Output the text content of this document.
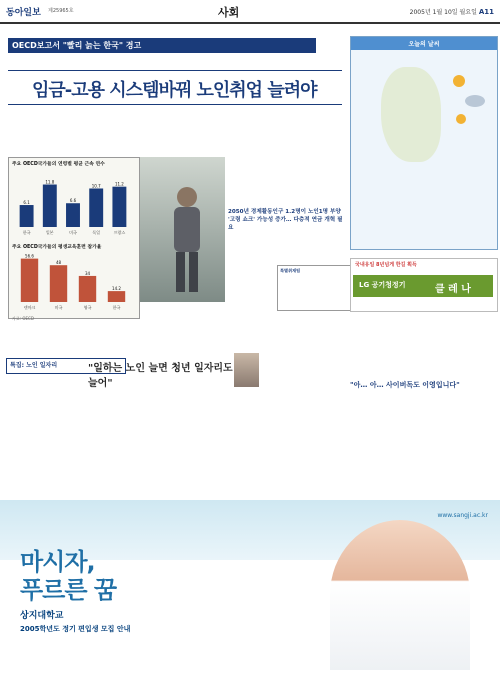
동아일보 제25965호	사회	2005년 1월 10일 월요일 A11
OECD보고서 "빨리 늙는 한국" 경고
임금-고용 시스템바꿔 노인취업 늘려야
주요 OECD국가들의 연령별 평균 근속 연수
한국
6.1
일본
11.8
미국
6.6
독일
10.7
프랑스
11.2
주요 OECD국가들의 평생교육훈련 참가율
덴마크
56.6
미국
48
영국
34
한국
14.2
자료: OECD
2050년 경제활동인구 1.2명이 노인1명 부양 '고령 쇼크' 가능성 증가… 다층적 연금 개혁 필요
특별취재팀
오늘의 날씨
국내유일 8년넘게 한길 획득
LG 공기청정기	클 레 나
특집: 노인 일자리	"일하는 노인 늘면 청년 일자리도 늘어"	"아… 아… 사이버독도 이영입니다"
www.sangji.ac.kr
마시자,
푸르른 꿈
상지대학교
2005학년도 정기 편입생 모집 안내
